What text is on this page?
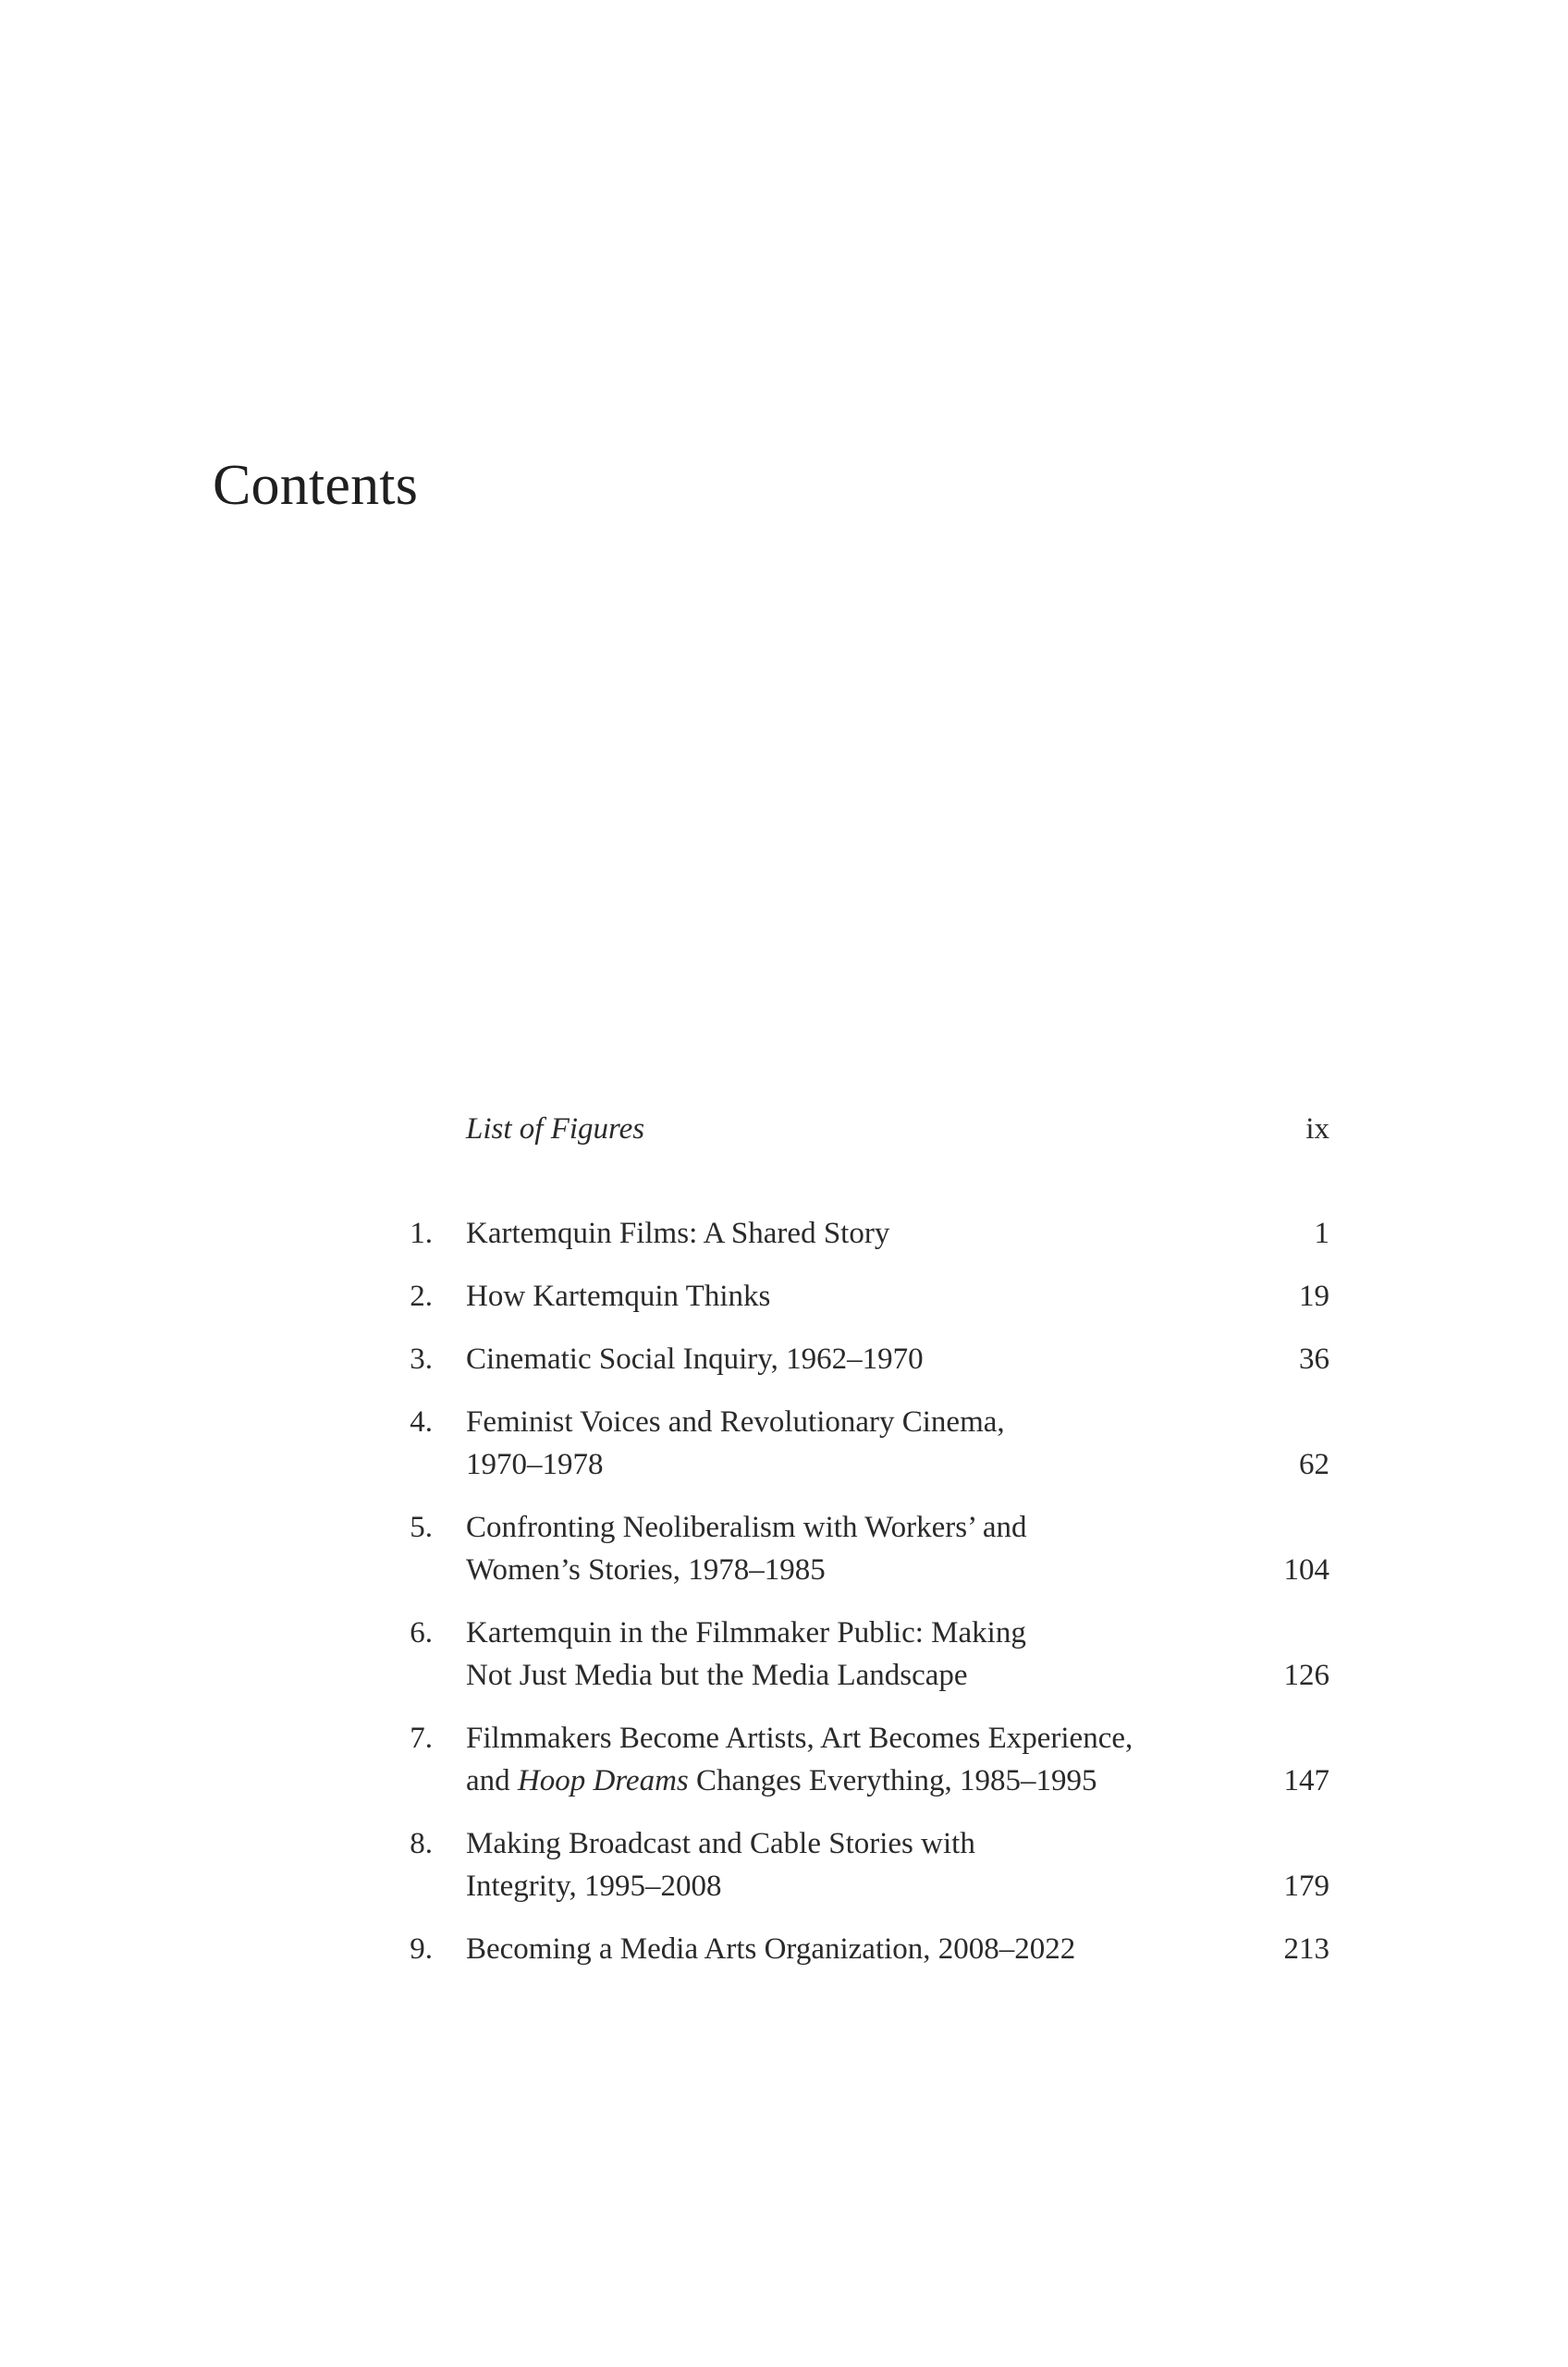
Contents
List of Figures	ix
1. Kartemquin Films: A Shared Story	1
2. How Kartemquin Thinks	19
3. Cinematic Social Inquiry, 1962–1970	36
4. Feminist Voices and Revolutionary Cinema,
1970–1978	62
5. Confronting Neoliberalism with Workers’ and
Women’s Stories, 1978–1985	104
6. Kartemquin in the Filmmaker Public: Making
Not Just Media but the Media Landscape	126
7. Filmmakers Become Artists, Art Becomes Experience,
and Hoop Dreams Changes Everything, 1985–1995	147
8. Making Broadcast and Cable Stories with
Integrity, 1995–2008	179
9. Becoming a Media Arts Organization, 2008–2022	213
